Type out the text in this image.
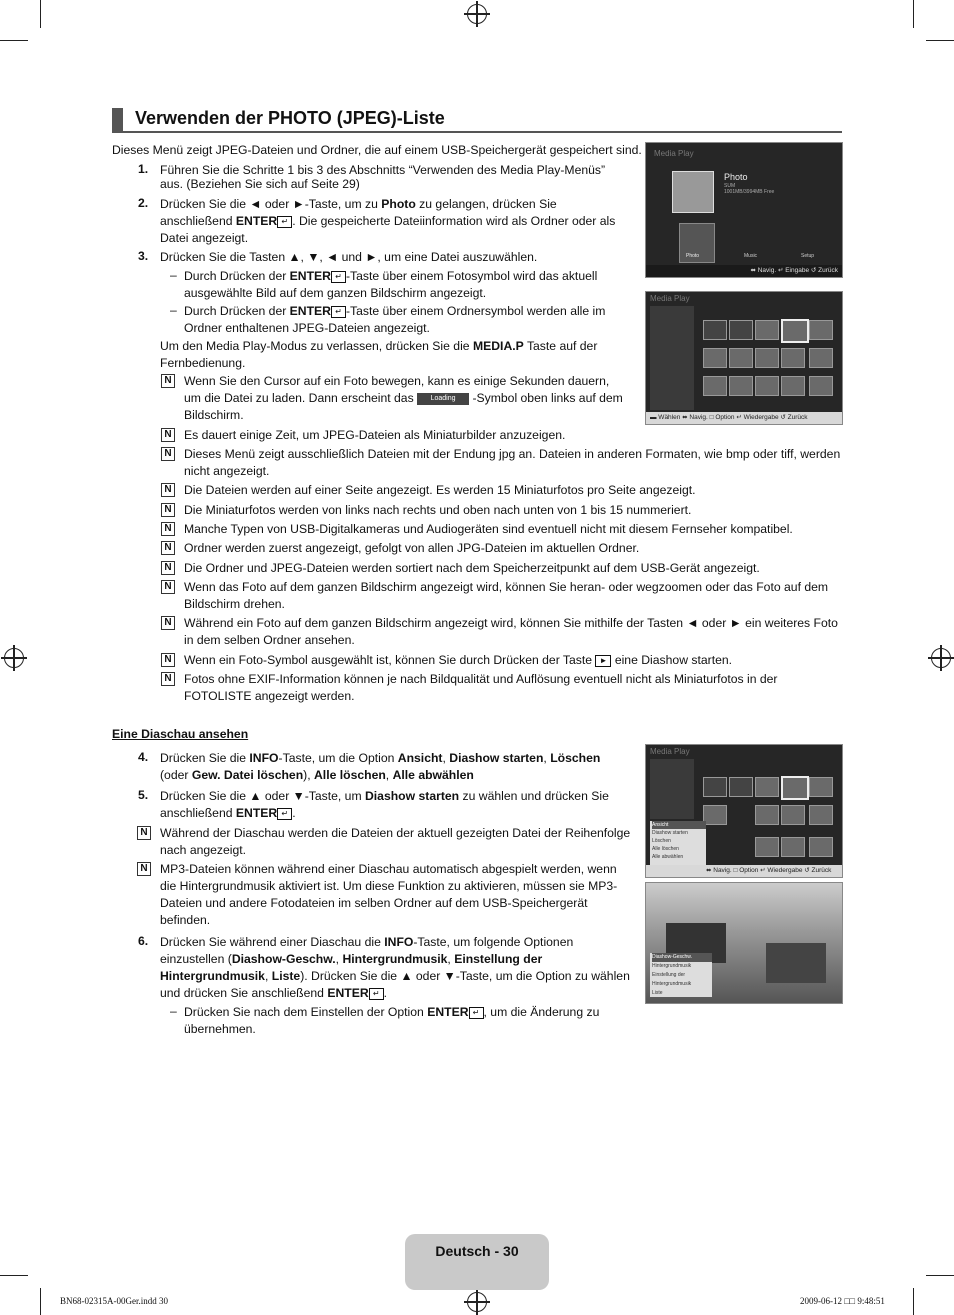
Verwenden der PHOTO (JPEG)-Liste
Dieses Menü zeigt JPEG-Dateien und Ordner, die auf einem USB-Speichergerät gespeichert sind.
1. Führen Sie die Schritte 1 bis 3 des Abschnitts “Verwenden des Media Play-Menüs”
aus. (Beziehen Sie sich auf Seite 29)
2. Drücken Sie die ◄ oder ►-Taste, um zu Photo zu gelangen, drücken Sie anschließend ENTER ↵ . Die gespeicherte Dateiinformation wird als Ordner oder als Datei angezeigt.
3. Drücken Sie die Tasten ▲, ▼, ◄ und ►, um eine Datei auszuwählen.
– Durch Drücken der ENTER ↵ -Taste über einem Fotosymbol wird das aktuell ausgewählte Bild auf dem ganzen Bildschirm angezeigt.
– Durch Drücken der ENTER ↵ -Taste über einem Ordnersymbol werden alle im Ordner enthaltenen JPEG-Dateien angezeigt.
Um den Media Play-Modus zu verlassen, drücken Sie die MEDIA.P Taste auf der Fernbedienung.
N Wenn Sie den Cursor auf ein Foto bewegen, kann es einige Sekunden dauern, um die Datei zu laden. Dann erscheint das Loading -Symbol oben links auf dem Bildschirm.
N Es dauert einige Zeit, um JPEG-Dateien als Miniaturbilder anzuzeigen.
N Dieses Menü zeigt ausschließlich Dateien mit der Endung jpg an. Dateien in anderen Formaten, wie bmp oder tiff, werden
nicht angezeigt.
N Die Dateien werden auf einer Seite angezeigt. Es werden 15 Miniaturfotos pro Seite angezeigt.
N Die Miniaturfotos werden von links nach rechts und oben nach unten von 1 bis 15 nummeriert.
N Manche Typen von USB-Digitalkameras und Audiogeräten sind eventuell nicht mit diesem Fernseher kompatibel.
N Ordner werden zuerst angezeigt, gefolgt von allen JPG-Dateien im aktuellen Ordner.
N Die Ordner und JPEG-Dateien werden sortiert nach dem Speicherzeitpunkt auf dem USB-Gerät angezeigt.
N Wenn das Foto auf dem ganzen Bildschirm angezeigt wird, können Sie heran- oder wegzoomen oder das Foto auf dem
Bildschirm drehen.
N Während ein Foto auf dem ganzen Bildschirm angezeigt wird, können Sie mithilfe der Tasten ◄ oder ► ein weiteres Foto
in dem selben Ordner ansehen.
N Wenn ein Foto-Symbol ausgewählt ist, können Sie durch Drücken der Taste ► eine Diashow starten.
N Fotos ohne EXIF-Information können je nach Bildqualität und Auflösung eventuell nicht als Miniaturfotos in der
FOTOLISTE angezeigt werden.
Eine Diaschau ansehen
4. Drücken Sie die INFO-Taste, um die Option Ansicht, Diashow starten, Löschen (oder Gew. Datei löschen), Alle löschen, Alle abwählen
5. Drücken Sie die ▲ oder ▼-Taste, um Diashow starten zu wählen und drücken Sie anschließend ENTER ↵ .
N Während der Diaschau werden die Dateien der aktuell gezeigten Datei der Reihenfolge nach angezeigt.
N MP3-Dateien können während einer Diaschau automatisch abgespielt werden, wenn die Hintergrundmusik aktiviert ist. Um diese Funktion zu aktivieren, müssen sie MP3-Dateien und andere Fotodateien im selben Ordner auf dem USB-Speichergerät befinden.
6. Drücken Sie während einer Diaschau die INFO-Taste, um folgende Optionen einzustellen (Diashow-Geschw., Hintergrundmusik, Einstellung der Hintergrundmusik, Liste). Drücken Sie die ▲ oder ▼-Taste, um die Option zu wählen und drücken Sie anschließend ENTER ↵ .
– Drücken Sie nach dem Einstellen der Option ENTER ↵ , um die Änderung zu übernehmen.
Media Play
Photo
SUM
1001MB/3994MB Free
Photo	Music	Setup
⬌ Navig. ↵ Eingabe ↺ Zurück
Media Play
▬ Wählen ⬌ Navig. □ Option ↵ Wiedergabe ↺ Zurück
Media Play
Ansicht
Diashow starten
Löschen
Alle löschen
Alle abwählen
⬌ Navig. □ Option ↵ Wiedergabe ↺ Zurück
Diashow-Geschw.
Hintergrundmusik
Einstellung der Hintergrundmusik
Liste
Deutsch - 30
BN68-02315A-00Ger.indd 30	2009-06-12 □□ 9:48:51
